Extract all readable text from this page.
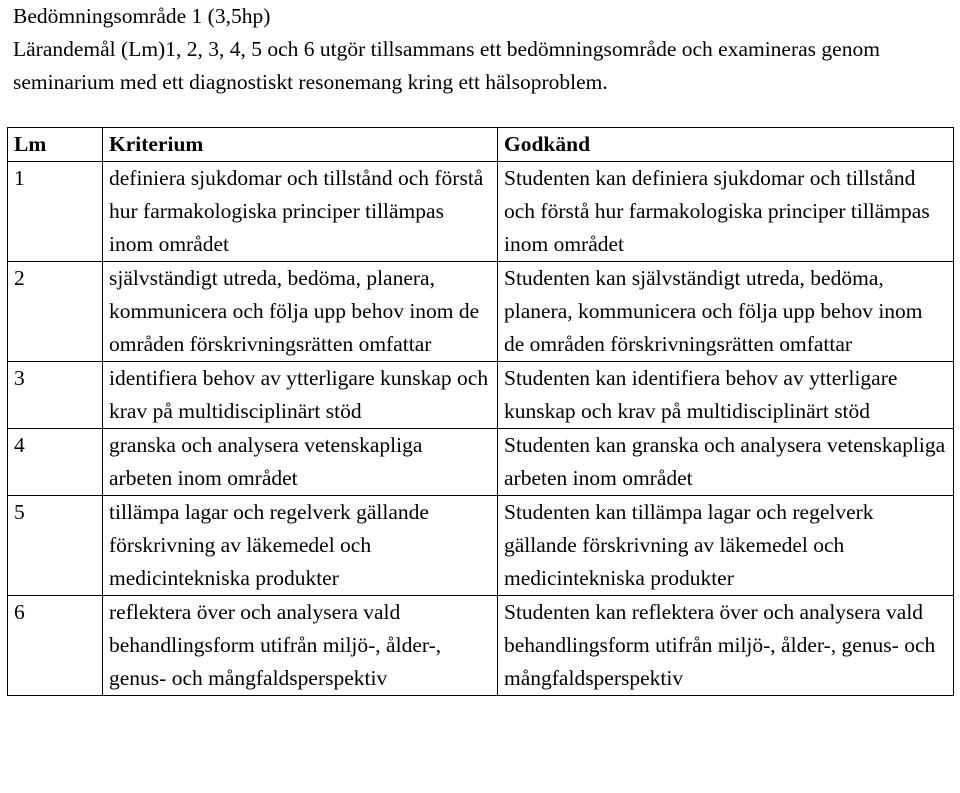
Bedömningsområde 1 (3,5hp)

Lärandemål (Lm)1, 2, 3, 4, 5 och 6 utgör tillsammans ett bedömningsområde och examineras genom seminarium med ett diagnostiskt resonemang kring ett hälsoproblem.

Lm	Kriterium	Godkänd
1	definiera sjukdomar och tillstånd och förstå hur farmakologiska principer tillämpas inom området	Studenten kan definiera sjukdomar och tillstånd och förstå hur farmakologiska principer tillämpas inom området
2	självständigt utreda, bedöma, planera, kommunicera och följa upp behov inom de områden förskrivningsrätten omfattar	Studenten kan självständigt utreda, bedöma, planera, kommunicera och följa upp behov inom de områden förskrivningsrätten omfattar
3	identifiera behov av ytterligare kunskap och krav på multidisciplinärt stöd	Studenten kan identifiera behov av ytterligare kunskap och krav på multidisciplinärt stöd
4	granska och analysera vetenskapliga arbeten inom området	Studenten kan granska och analysera vetenskapliga arbeten inom området
5	tillämpa lagar och regelverk gällande förskrivning av läkemedel och medicintekniska produkter	Studenten kan tillämpa lagar och regelverk gällande förskrivning av läkemedel och medicintekniska produkter
6	reflektera över och analysera vald behandlingsform utifrån miljö-, ålder-, genus- och mångfaldsperspektiv	Studenten kan reflektera över och analysera vald behandlingsform utifrån miljö-, ålder-, genus- och mångfaldsperspektiv
